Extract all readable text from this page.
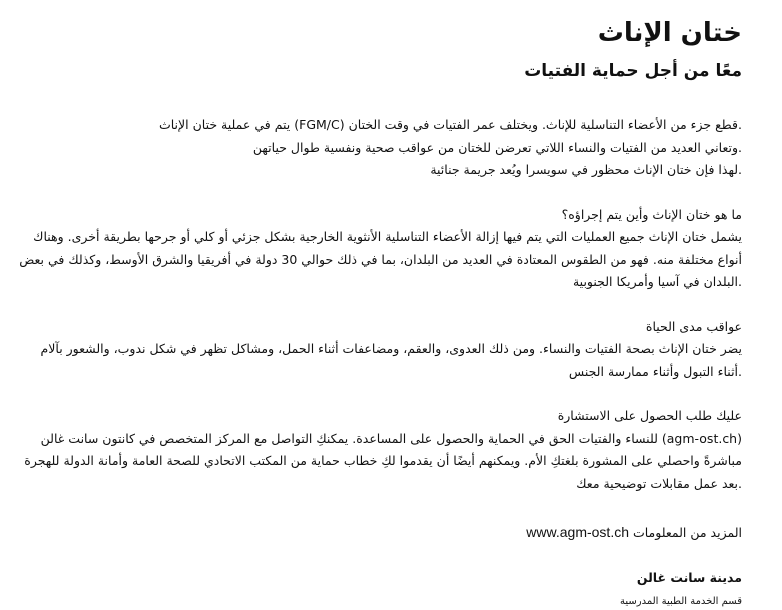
ختان الإناث
معًا من أجل حماية الفتيات
.قطع جزء من الأعضاء التناسلية للإناث. ويختلف عمر الفتيات في وقت الختان (FGM/C) يتم في عملية ختان الإناث
.وتعاني العديد من الفتيات والنساء اللاتي تعرضن للختان من عواقب صحية ونفسية طوال حياتهن
.لهذا فإن ختان الإناث محظور في سويسرا ويُعد جريمة جنائية
ما هو ختان الإناث وأين يتم إجراؤه؟
يشمل ختان الإناث جميع العمليات التي يتم فيها إزالة الأعضاء التناسلية الأنثوية الخارجية بشكل جزئي أو كلي أو جرحها بطريقة أخرى. وهناك
أنواع مختلفة منه. فهو من الطقوس المعتادة في العديد من البلدان، بما في ذلك حوالي 30 دولة في أفريقيا والشرق الأوسط، وكذلك في بعض
.البلدان في آسيا وأمريكا الجنوبية
عواقب مدى الحياة
يضر ختان الإناث بصحة الفتيات والنساء. ومن ذلك العدوى، والعقم، ومضاعفات أثناء الحمل، ومشاكل تظهر في شكل ندوب، والشعور بآلام
.أثناء التبول وأثناء ممارسة الجنس
عليك طلب الحصول على الاستشارة
(agm-ost.ch) للنساء والفتيات الحق في الحماية والحصول على المساعدة. يمكنكِ التواصل مع المركز المتخصص في كانتون سانت غالن
مباشرةً واحصلي على المشورة بلغتكِ الأم. ويمكنهم أيضًا أن يقدموا لكِ خطاب حماية من المكتب الاتحادي للصحة العامة وأمانة الدولة للهجرة
.بعد عمل مقابلات توضيحية معك
المزيد من المعلومات www.agm-ost.ch
مدينة سانت غالن
قسم الخدمة الطبية المدرسية
